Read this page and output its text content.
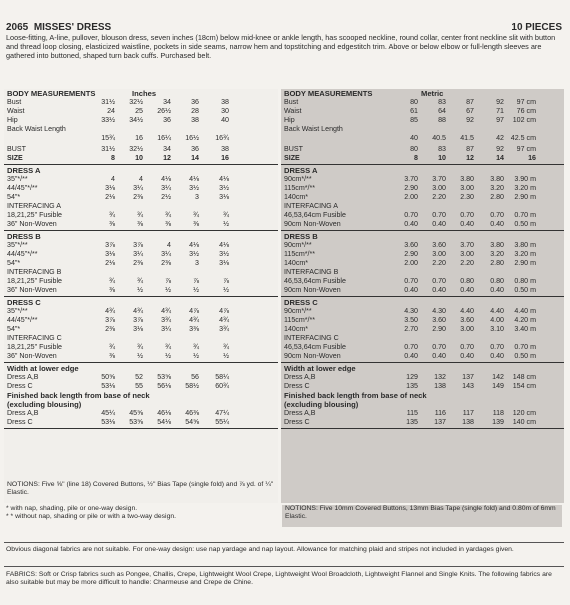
2065 MISSES' DRESS	10 PIECES
Loose-fitting, A-line, pullover, blouson dress, seven inches (18cm) below mid-knee or ankle length, has scooped neckline, round collar, center front neckline slit with button and thread loop closing, elasticized waistline, pockets in side seams, narrow hem and topstitching and edgestitch trim. Above or below elbow or full-length sleeves are gathered into buttoned, shaped turn back cuffs. Purchased belt.
BODY MEASUREMENTS	Inches
Bust	31½	32½	34	36	38
Waist	24	25	26½	28	30
Hip	33½	34½	36	38	40
Back Waist Length
15¾	16	16¼	16½	16¾
BUST	31½	32½	34	36	38
SIZE	8	10	12	14	16
DRESS A
35"*/**	4	4	4⅛	4⅛	4⅛
44/45"*/**	3⅛	3¼	3¼	3½	3½
54"*	2⅛	2⅜	2½	3	3⅛
INTERFACING A
18,21,25" Fusible	¾	¾	¾	¾	¾
36" Non-Woven	⅜	⅜	⅜	⅜	½
DRESS B
35"*/**	3⅞	3⅞	4	4⅛	4⅛
44/45"*/**	3⅛	3¼	3¼	3½	3½
54"*	2⅛	2⅜	2⅜	3	3⅛
INTERFACING B
18,21,25" Fusible	¾	¾	⅞	⅞	⅞
36" Non-Woven	⅜	½	½	½	½
DRESS C
35"*/**	4¾	4¾	4¾	4⅞	4⅞
44/45"*/**	3⅞	3⅞	3¾	4¾	4¾
54"*	2⅜	3⅛	3¼	3⅜	3¾
INTERFACING C
18,21,25" Fusible	¾	¾	¾	¾	¾
36" Non-Woven	⅜	½	½	½	½
Width at lower edge
Dress A,B	50⅝	52	53⅝	56	58¼
Dress C	53⅛	55	56⅛	58½	60¾
Finished back length from base of neck
(excluding blousing)
Dress A,B	45¼	45⅝	46⅛	46⅜	47¼
Dress C	53⅛	53⅝	54⅛	54⅝	55¼
NOTIONS: Five ⅝" (line 18) Covered Buttons, ½" Bias Tape (single fold) and ⅞ yd. of ¼" Elastic.
BODY MEASUREMENTS	Metric
Bust	80	83	87	92	97 cm
Waist	61	64	67	71	76 cm
Hip	85	88	92	97	102 cm
Back Waist Length
40	40.5	41.5	42 42.5 cm
BUST	80	83	87	92	97 cm
SIZE	8	10	12	14	16
DRESS A
90cm*/**	3.70	3.70	3.80	3.80	3.90 m
115cm*/**	2.90	3.00	3.00	3.20	3.20 m
140cm*	2.00	2.20	2.30	2.80	2.90 m
INTERFACING A
46,53,64cm Fusible	0.70	0.70	0.70	0.70	0.70 m
90cm Non-Woven	0.40	0.40	0.40	0.40	0.50 m
DRESS B
90cm*/**	3.60	3.60	3.70	3.80	3.80 m
115cm*/**	2.90	3.00	3.00	3.20	3.20 m
140cm*	2.00	2.20	2.20	2.80	2.90 m
INTERFACING B
46,53,64cm Fusible	0.70	0.70	0.80	0.80	0.80 m
90cm Non-Woven	0.40	0.40	0.40	0.40	0.50 m
DRESS C
90cm*/**	4.30	4.30	4.40	4.40	4.40 m
115cm*/**	3.50	3.60	3.60	4.00	4.20 m
140cm*	2.70	2.90	3.00	3.10	3.40 m
INTERFACING C
46,53,64cm Fusible	0.70	0.70	0.70	0.70	0.70 m
90cm Non-Woven	0.40	0.40	0.40	0.40	0.50 m
Width at lower edge
Dress A,B	129	132	137	142	148 cm
Dress C	135	138	143	149	154 cm
Finished back length from base of neck
(excluding blousing)
Dress A,B	115	116	117	118	120 cm
Dress C	135	137	138	139	140 cm
* with nap, shading, pile or one-way design.
* * without nap, shading or pile or with a two-way design.
NOTIONS: Five 10mm Covered Buttons, 13mm Bias Tape (single fold) and 0.80m of 6mm Elastic.
Obvious diagonal fabrics are not suitable. For one-way design: use nap yardage and nap layout. Allowance for matching plaid and stripes not included in yardages given.
FABRICS: Soft or Crisp fabrics such as Pongee, Challis, Crepe, Lightweight Wool Crepe, Lightweight Wool Broadcloth, Lightweight Flannel and Single Knits. The following fabrics are also suitable but may be more difficult to handle: Charmeuse and Crepe de Chine.
